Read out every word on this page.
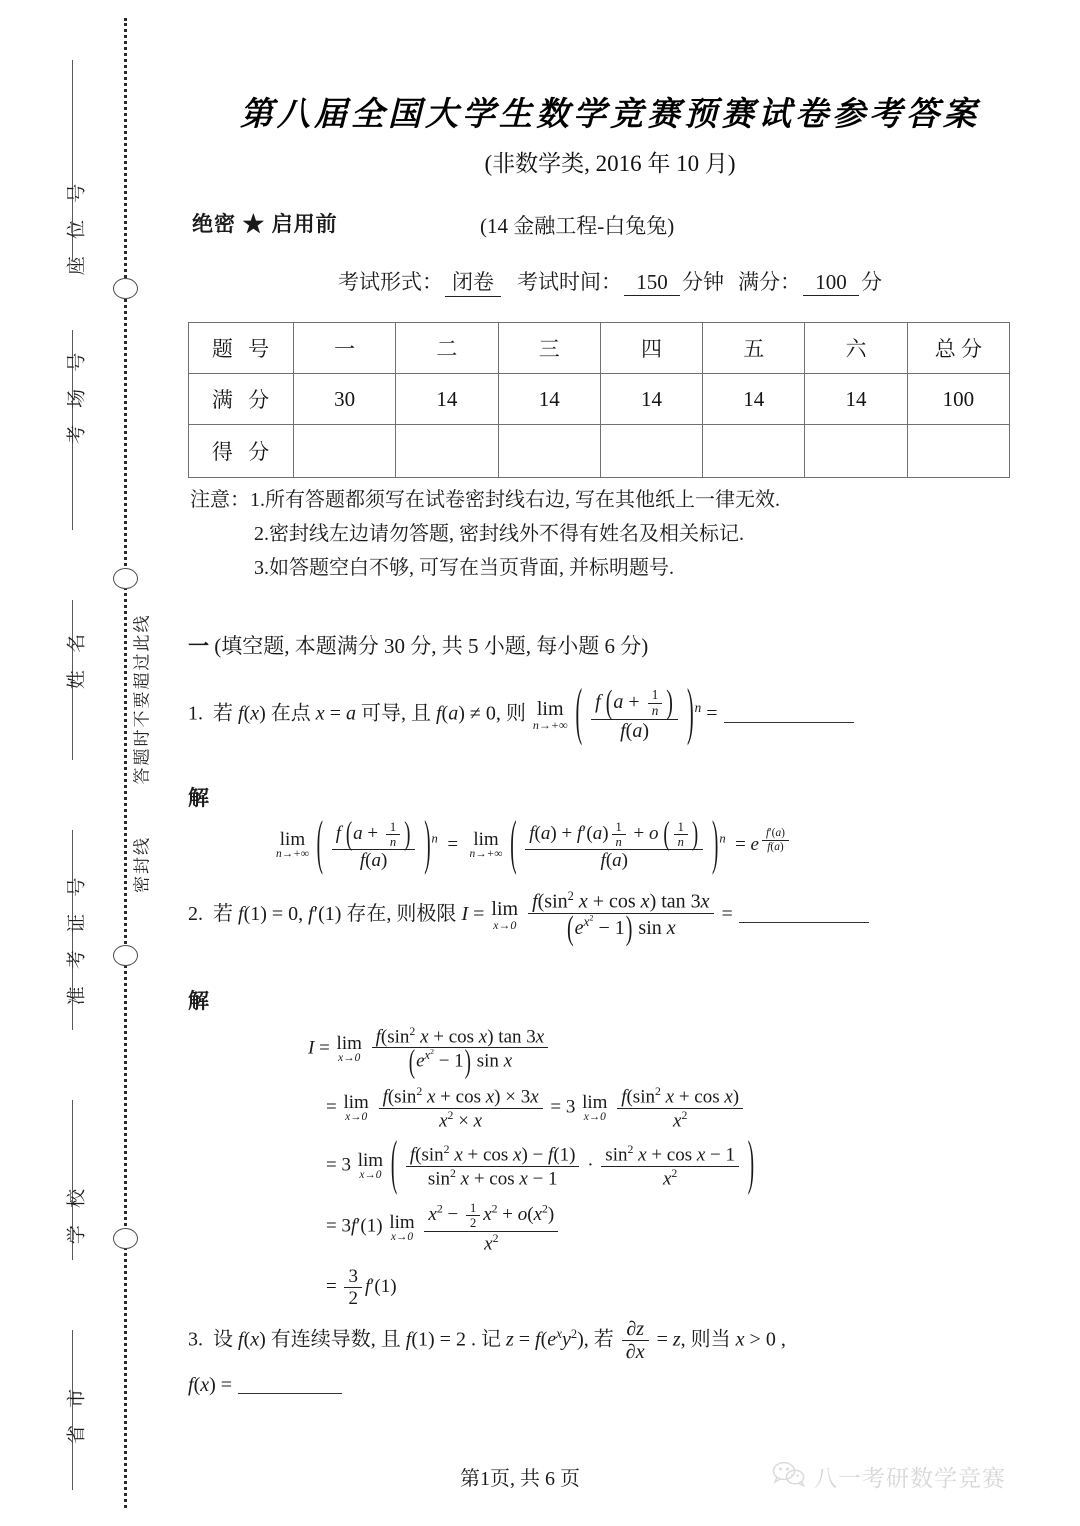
座 位 号
考 场 号
姓 名
准 考 证 号
学 校
省 市
密封线
答题时不要超过此线
第八届全国大学生数学竞赛预赛试卷参考答案
(非数学类, 2016 年 10 月)
绝密 ★ 启用前	(14 金融工程-白兔兔)
考试形式： 闭卷 考试时间： 150 分钟 满分： 100 分
题 号	一	二	三	四	五	六	总 分
满 分	30	14	14	14	14	14	100
得 分							
注意：1.所有答题都须写在试卷密封线右边, 写在其他纸上一律无效.
2.密封线左边请勿答题, 密封线外不得有姓名及相关标记.
3.如答题空白不够, 可写在当页背面, 并标明题号.
一 (填空题, 本题满分 30 分, 共 5 小题, 每小题 6 分)
1.  若 f(x) 在点 x = a 可导, 且 f(a) ≠ 0, 则 lim
n→+∞ ( $\frac{f (a + \frac{1}{n} )}{f(a)} )^n$ =
解
lim
n→+∞ ( $\frac{f (a + \frac{1}{n} )}{f(a)} )^n = \lim$
n→+∞ ( $\frac{f(a) + f'(a) \frac{1}{n} + o ( \frac{1}{n} )}{f(a)} )^n = e$ $^{\frac{f'(a)}{f(a)}}$
2.  若 f(1) = 0, f′(1) 存在, 则极限 I = lim
x→0
$\frac{f(\sin^2 x + \cos x) \tan 3x}{(e^{x^2} - 1) \sin x}$ =
解
I = lim
x→0
$\frac{f(\sin^2 x + \cos x) \tan 3x}{(e^{x^2} - 1) \sin x}$
= lim
x→0
$\frac{f(\sin^2 x + \cos x) \times 3x}{x^2 \times x} = 3$ lim
x→0
$\frac{f(\sin^2 x + \cos x)}{x^2}$
= 3 lim
x→0 ( $\frac{f(\sin^2 x + \cos x) - f(1)}{\sin^2 x + \cos x - 1} \cdot \frac{\sin^2 x + \cos x - 1}{x^2}$ )
= 3f′(1) lim
x→0
$\frac{x^2 - \frac{1}{2} x^2 + o(x^2)}{x^2}$
= $\frac{3}{2} f'(1)$
3.  设 f(x) 有连续导数, 且 f(1) = 2 . 记 $z = f(e^xy^2)$, 若 $\frac{\partial z}{\partial x} = z$, 则当 x > 0 ,
f(x) =
第1页, 共 6 页	八一考研数学竞赛
